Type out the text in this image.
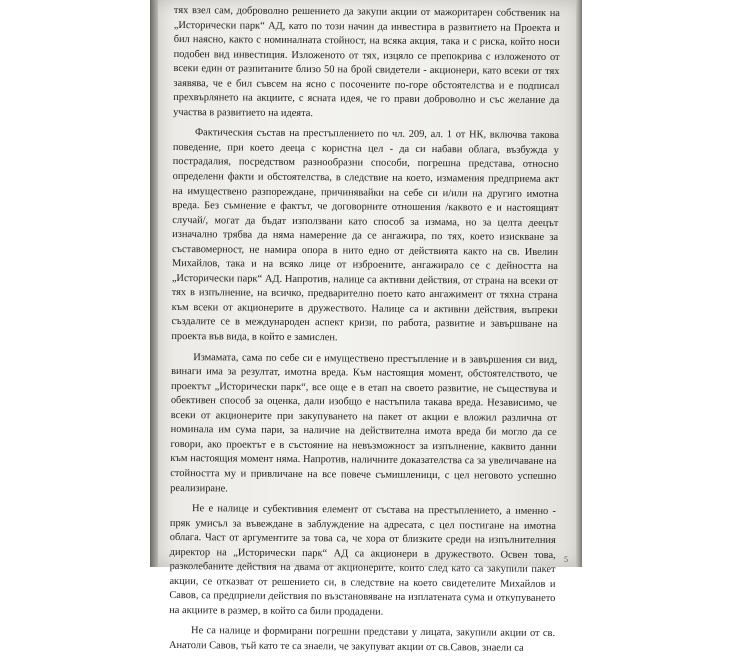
тях взел сам, доброволно решението да закупи акции от мажоритарен собственик на „Исторически парк“ АД, като по този начин да инвестира в развитието на Проекта и бил наясно, както с номиналната стойност, на всяка акция, така и с риска, който носи подобен вид инвестиция. Изложеното от тях, изцяло се препокрива с изложеното от всеки един от разпитаните близо 50 на брой свидетели - акционери, като всеки от тях заявява, че е бил съвсем на ясно с посочените по-горе обстоятелства и е подписал прехвърлянето на акциите, с ясната идея, че го прави доброволно и със желание да участва в развитието на идеята.

Фактическия състав на престъплението по чл. 209, ал. 1 от НК, включва такова поведение, при което деецa с користна цел - да си набави облага, възбужда у пострадалия, посредством разнообразни способи, погрешна представа, относно определени факти и обстоятелства, в следствие на което, измамения предприема акт на имущественo разпореждане, причинявайки на себе си и/или на другиго имотна вреда. Без съмнение е фактът, че договорните отношения /каквото е и настоящият случай/, могат да бъдат използвани като способ за измама, но за целта деецът изначално трябва да няма намерение да се ангажира, по тях, което изисквaне за съставомерност, не намира опора в нито едно от действията както на св. Ивелин Михайлов, така и на всяко лице от изброените, ангажирало се с дейността на „Исторически парк“ АД. Напротив, налице са активни действия, от страна на всеки от тях в изпълнение, на всичко, предварително поето като ангажимент от тяхна страна към всеки от акционерите в дружеството. Налице са и активни действия, въпреки създалите се в международен аспект кризи, по работа, развитие и завършване на проекта във вида, в който е замислен.

Измамата, сама по себе си е имуществено престъпление и в завършения си вид, винаги има за резултат, имотна вреда. Към настоящия момент, обстоятелството, че проектът „Исторически парк“, все още е в етап на своето развитие, не съществува и обективен способ за оценка, дали изобщо е настъпила такава вреда. Независимо, че всеки от акционерите при закупуването на пакет от акции е вложил различна от номинала им сума пари, за наличие на действителна имота вреда би могло да се говори, ако проектът е в състояние на невъзможност за изпълнение, каквито данни към настоящия момент няма. Напротив, наличните доказателства са за увеличаване на стойността му и привличане на все повече съмишленици, с цел неговото успешно реализиране.

Не е налице и субективния елемент от състава на престъплението, а именно - пряк умисъл за въвеждане в заблуждение на адресата, с цел постигане на имотна облага. Част от аргументите за това са, че хора от близките среди на изпълнителния директор на „Исторически парк“ АД са акционери в дружеството. Освен това, разколебаните действия на двама от акционерите, които след като са закупили пакет акции, се отказват от решението си, в следствие на което свидетелите Михайлов и Савов, са предприели действия по възстановяване на изплатената сума и откупуването на акциите в размер, в който са били продадени.

Не са налице и формирани погрешни представи у лицата, закупили акции от св. Анатоли Савов, тъй като те са знаели, че закупуват акции от св.Савов, знаели са

5
